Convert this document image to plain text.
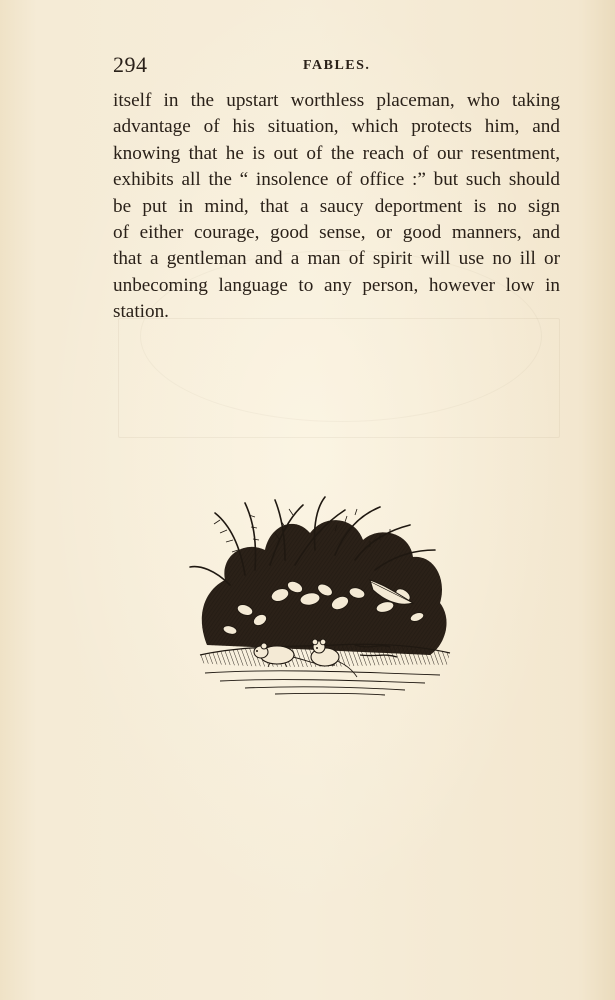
294	FABLES.
itself in the upstart worthless placeman, who taking
advantage of his situation, which protects him, and
knowing that he is out of the reach of our resentment,
exhibits all the “ insolence of office :” but such should
be put in mind, that a saucy deportment is no sign
of either courage, good sense, or good manners, and
that a gentleman and a man of spirit will use no ill or
unbecoming language to any person, however low in
station.
